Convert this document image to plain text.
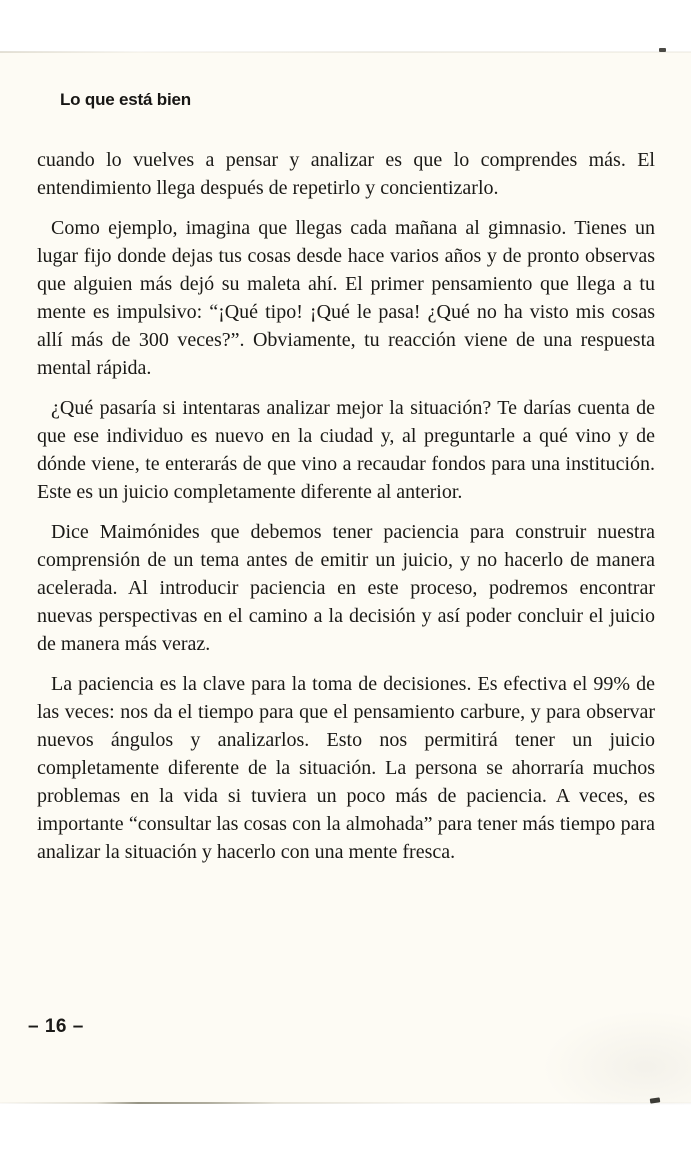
Lo que está bien

cuando lo vuelves a pensar y analizar es que lo comprendes más. El entendimiento llega después de repetirlo y concientizarlo.

Como ejemplo, imagina que llegas cada mañana al gimnasio. Tienes un lugar fijo donde dejas tus cosas desde hace varios años y de pronto observas que alguien más dejó su maleta ahí. El primer pensamiento que llega a tu mente es impulsivo: “¡Qué tipo! ¡Qué le pasa! ¿Qué no ha visto mis cosas allí más de 300 veces?”. Obviamente, tu reacción viene de una respuesta mental rápida.

¿Qué pasaría si intentaras analizar mejor la situación? Te darías cuenta de que ese individuo es nuevo en la ciudad y, al preguntarle a qué vino y de dónde viene, te enterarás de que vino a recaudar fondos para una institución. Este es un juicio completamente diferente al anterior.

Dice Maimónides que debemos tener paciencia para construir nuestra comprensión de un tema antes de emitir un juicio, y no hacerlo de manera acelerada. Al introducir paciencia en este proceso, podremos encontrar nuevas perspectivas en el camino a la decisión y así poder concluir el juicio de manera más veraz.

La paciencia es la clave para la toma de decisiones. Es efectiva el 99% de las veces: nos da el tiempo para que el pensamiento carbure, y para observar nuevos ángulos y analizarlos. Esto nos permitirá tener un juicio completamente diferente de la situación. La persona se ahorraría muchos problemas en la vida si tuviera un poco más de paciencia. A veces, es importante “consultar las cosas con la almohada” para tener más tiempo para analizar la situación y hacerlo con una mente fresca.

– 16 –
